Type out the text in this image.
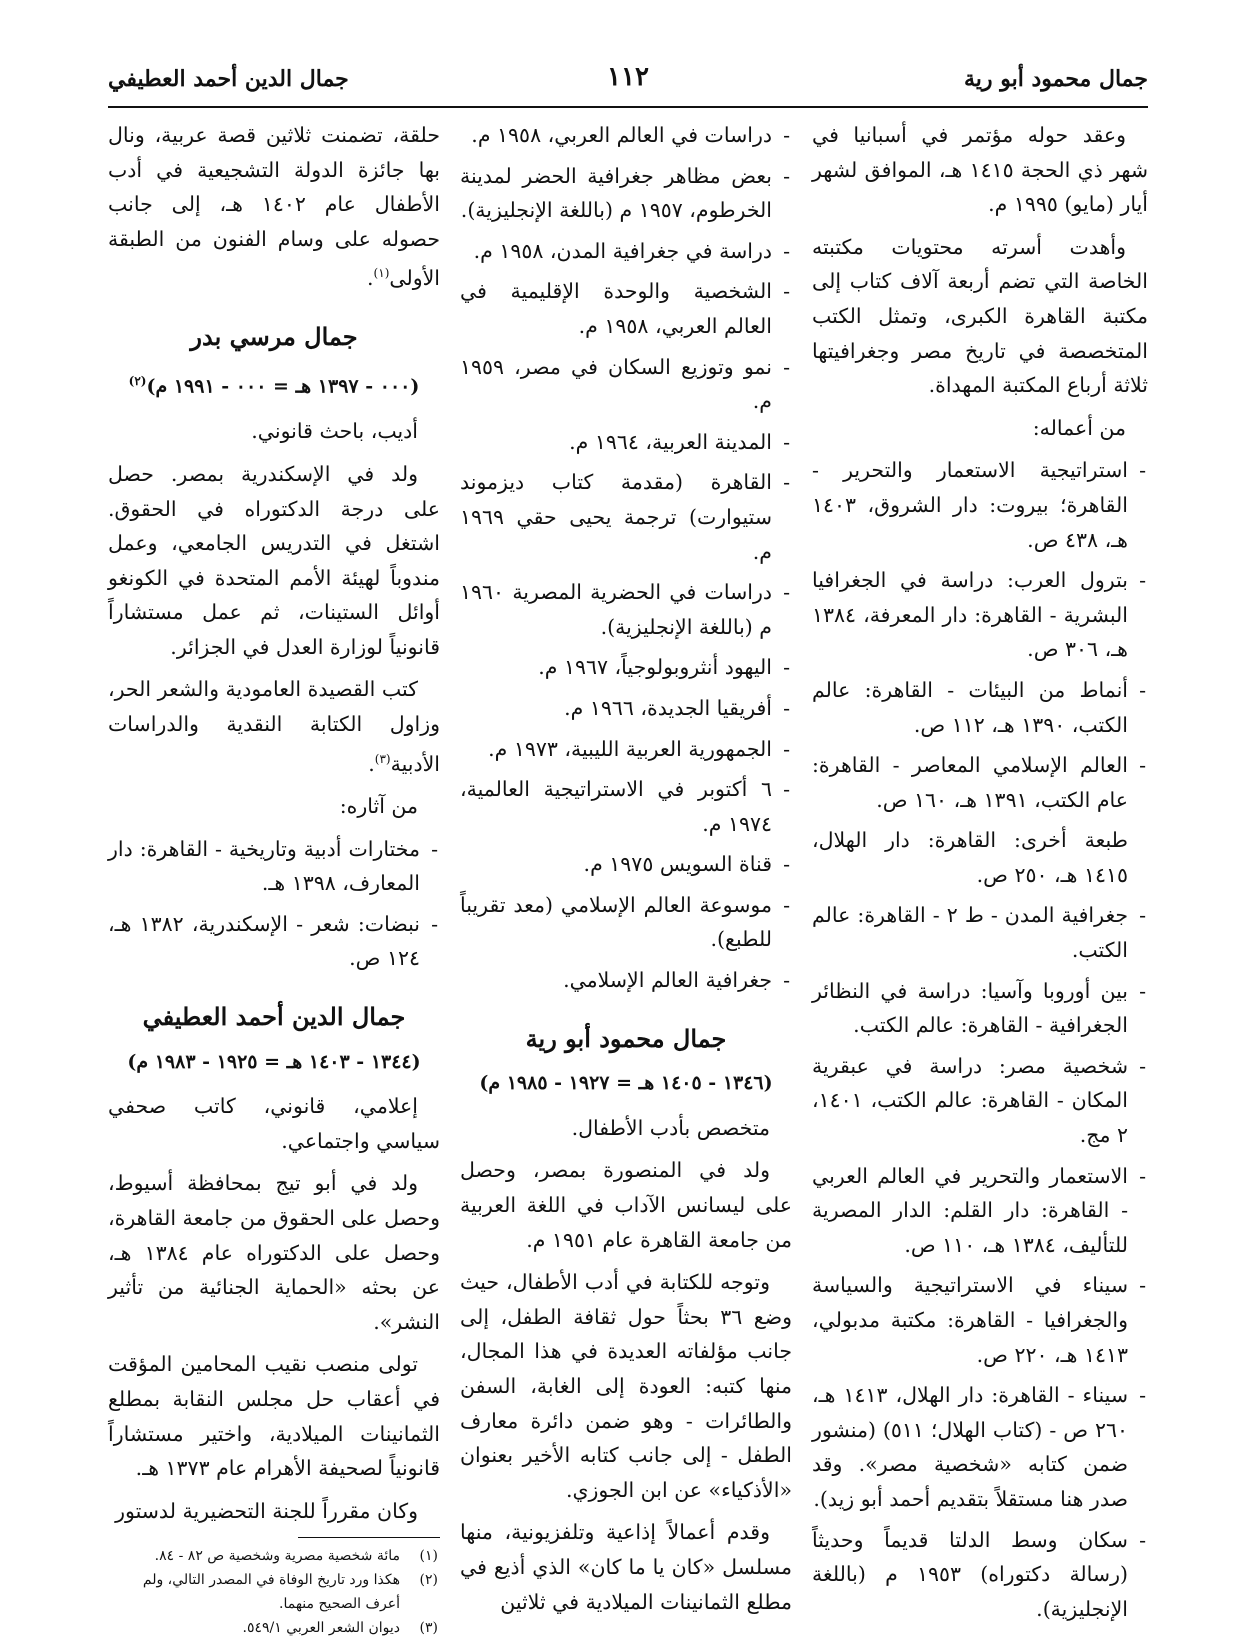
جمال محمود أبو رية
١١٢
جمال الدين أحمد العطيفي

وعقد حوله مؤتمر في أسبانيا في شهر ذي الحجة ١٤١٥ هـ، الموافق لشهر أيار (مايو) ١٩٩٥ م.

وأهدت أسرته محتويات مكتبته الخاصة التي تضم أربعة آلاف كتاب إلى مكتبة القاهرة الكبرى، وتمثل الكتب المتخصصة في تاريخ مصر وجغرافيتها ثلاثة أرباع المكتبة المهداة.

من أعماله:

- استراتيجية الاستعمار والتحرير - القاهرة؛ بيروت: دار الشروق، ١٤٠٣ هـ، ٤٣٨ ص.
- بترول العرب: دراسة في الجغرافيا البشرية - القاهرة: دار المعرفة، ١٣٨٤ هـ، ٣٠٦ ص.
- أنماط من البيئات - القاهرة: عالم الكتب، ١٣٩٠ هـ، ١١٢ ص.
- العالم الإسلامي المعاصر - القاهرة: عام الكتب، ١٣٩١ هـ، ١٦٠ ص.
طبعة أخرى: القاهرة: دار الهلال، ١٤١٥ هـ، ٢٥٠ ص.
- جغرافية المدن - ط ٢ - القاهرة: عالم الكتب.
- بين أوروبا وآسيا: دراسة في النظائر الجغرافية - القاهرة: عالم الكتب.
- شخصية مصر: دراسة في عبقرية المكان - القاهرة: عالم الكتب، ١٤٠١، ٢ مج.
- الاستعمار والتحرير في العالم العربي - القاهرة: دار القلم: الدار المصرية للتأليف، ١٣٨٤ هـ، ١١٠ ص.
- سيناء في الاستراتيجية والسياسة والجغرافيا - القاهرة: مكتبة مدبولي، ١٤١٣ هـ، ٢٢٠ ص.
- سيناء - القاهرة: دار الهلال، ١٤١٣ هـ، ٢٦٠ ص - (كتاب الهلال؛ ٥١١) (منشور ضمن كتابه «شخصية مصر». وقد صدر هنا مستقلاً بتقديم أحمد أبو زيد).
- سكان وسط الدلتا قديماً وحديثاً (رسالة دكتوراه) ١٩٥٣ م (باللغة الإنجليزية).
- دراسات في العالم العربي، ١٩٥٨ م.
- بعض مظاهر جغرافية الحضر لمدينة الخرطوم، ١٩٥٧ م (باللغة الإنجليزية).
- دراسة في جغرافية المدن، ١٩٥٨ م.
- الشخصية والوحدة الإقليمية في العالم العربي، ١٩٥٨ م.
- نمو وتوزيع السكان في مصر، ١٩٥٩ م.
- المدينة العربية، ١٩٦٤ م.
- القاهرة (مقدمة كتاب ديزموند ستيوارت) ترجمة يحيى حقي ١٩٦٩ م.
- دراسات في الحضرية المصرية ١٩٦٠ م (باللغة الإنجليزية).
- اليهود أنثروبولوجياً، ١٩٦٧ م.
- أفريقيا الجديدة، ١٩٦٦ م.
- الجمهورية العربية الليبية، ١٩٧٣ م.
- ٦ أكتوبر في الاستراتيجية العالمية، ١٩٧٤ م.
- قناة السويس ١٩٧٥ م.
- موسوعة العالم الإسلامي (معد تقريباً للطبع).
- جغرافية العالم الإسلامي.

جمال محمود أبو رية

(١٣٤٦ - ١٤٠٥ هـ = ١٩٢٧ - ١٩٨٥ م)

متخصص بأدب الأطفال.

ولد في المنصورة بمصر، وحصل على ليسانس الآداب في اللغة العربية من جامعة القاهرة عام ١٩٥١ م.

وتوجه للكتابة في أدب الأطفال، حيث وضع ٣٦ بحثاً حول ثقافة الطفل، إلى جانب مؤلفاته العديدة في هذا المجال، منها كتبه: العودة إلى الغابة، السفن والطائرات - وهو ضمن دائرة معارف الطفل - إلى جانب كتابه الأخير بعنوان «الأذكياء» عن ابن الجوزي.

وقدم أعمالاً إذاعية وتلفزيونية، منها مسلسل «كان يا ما كان» الذي أذيع في مطلع الثمانينات الميلادية في ثلاثين

حلقة، تضمنت ثلاثين قصة عربية، ونال بها جائزة الدولة التشجيعية في أدب الأطفال عام ١٤٠٢ هـ، إلى جانب حصوله على وسام الفنون من الطبقة الأولى$^{(١)}$.

جمال مرسي بدر

(٠٠٠ - ١٣٩٧ هـ = ٠٠٠ - ١٩٩١ م)$^{(٢)}$

أديب، باحث قانوني.

ولد في الإسكندرية بمصر. حصل على درجة الدكتوراه في الحقوق. اشتغل في التدريس الجامعي، وعمل مندوباً لهيئة الأمم المتحدة في الكونغو أوائل الستينات، ثم عمل مستشاراً قانونياً لوزارة العدل في الجزائر.

كتب القصيدة العامودية والشعر الحر، وزاول الكتابة النقدية والدراسات الأدبية$^{(٣)}$.

من آثاره:

- مختارات أدبية وتاريخية - القاهرة: دار المعارف، ١٣٩٨ هـ.
- نبضات: شعر - الإسكندرية، ١٣٨٢ هـ، ١٢٤ ص.

جمال الدين أحمد العطيفي

(١٣٤٤ - ١٤٠٣ هـ = ١٩٢٥ - ١٩٨٣ م)

إعلامي، قانوني، كاتب صحفي سياسي واجتماعي.

ولد في أبو تيج بمحافظة أسيوط، وحصل على الحقوق من جامعة القاهرة، وحصل على الدكتوراه عام ١٣٨٤ هـ، عن بحثه «الحماية الجنائية من تأثير النشر».

تولى منصب نقيب المحامين المؤقت في أعقاب حل مجلس النقابة بمطلع الثمانينات الميلادية، واختير مستشاراً قانونياً لصحيفة الأهرام عام ١٣٧٣ هـ.

وكان مقرراً للجنة التحضيرية لدستور

(١)
مائة شخصية مصرية وشخصية ص ٨٢ - ٨٤.
(٢)
هكذا ورد تاريخ الوفاة في المصدر التالي، ولم أعرف الصحيح منهما.
(٣)
ديوان الشعر العربي ٥٤٩/١.
